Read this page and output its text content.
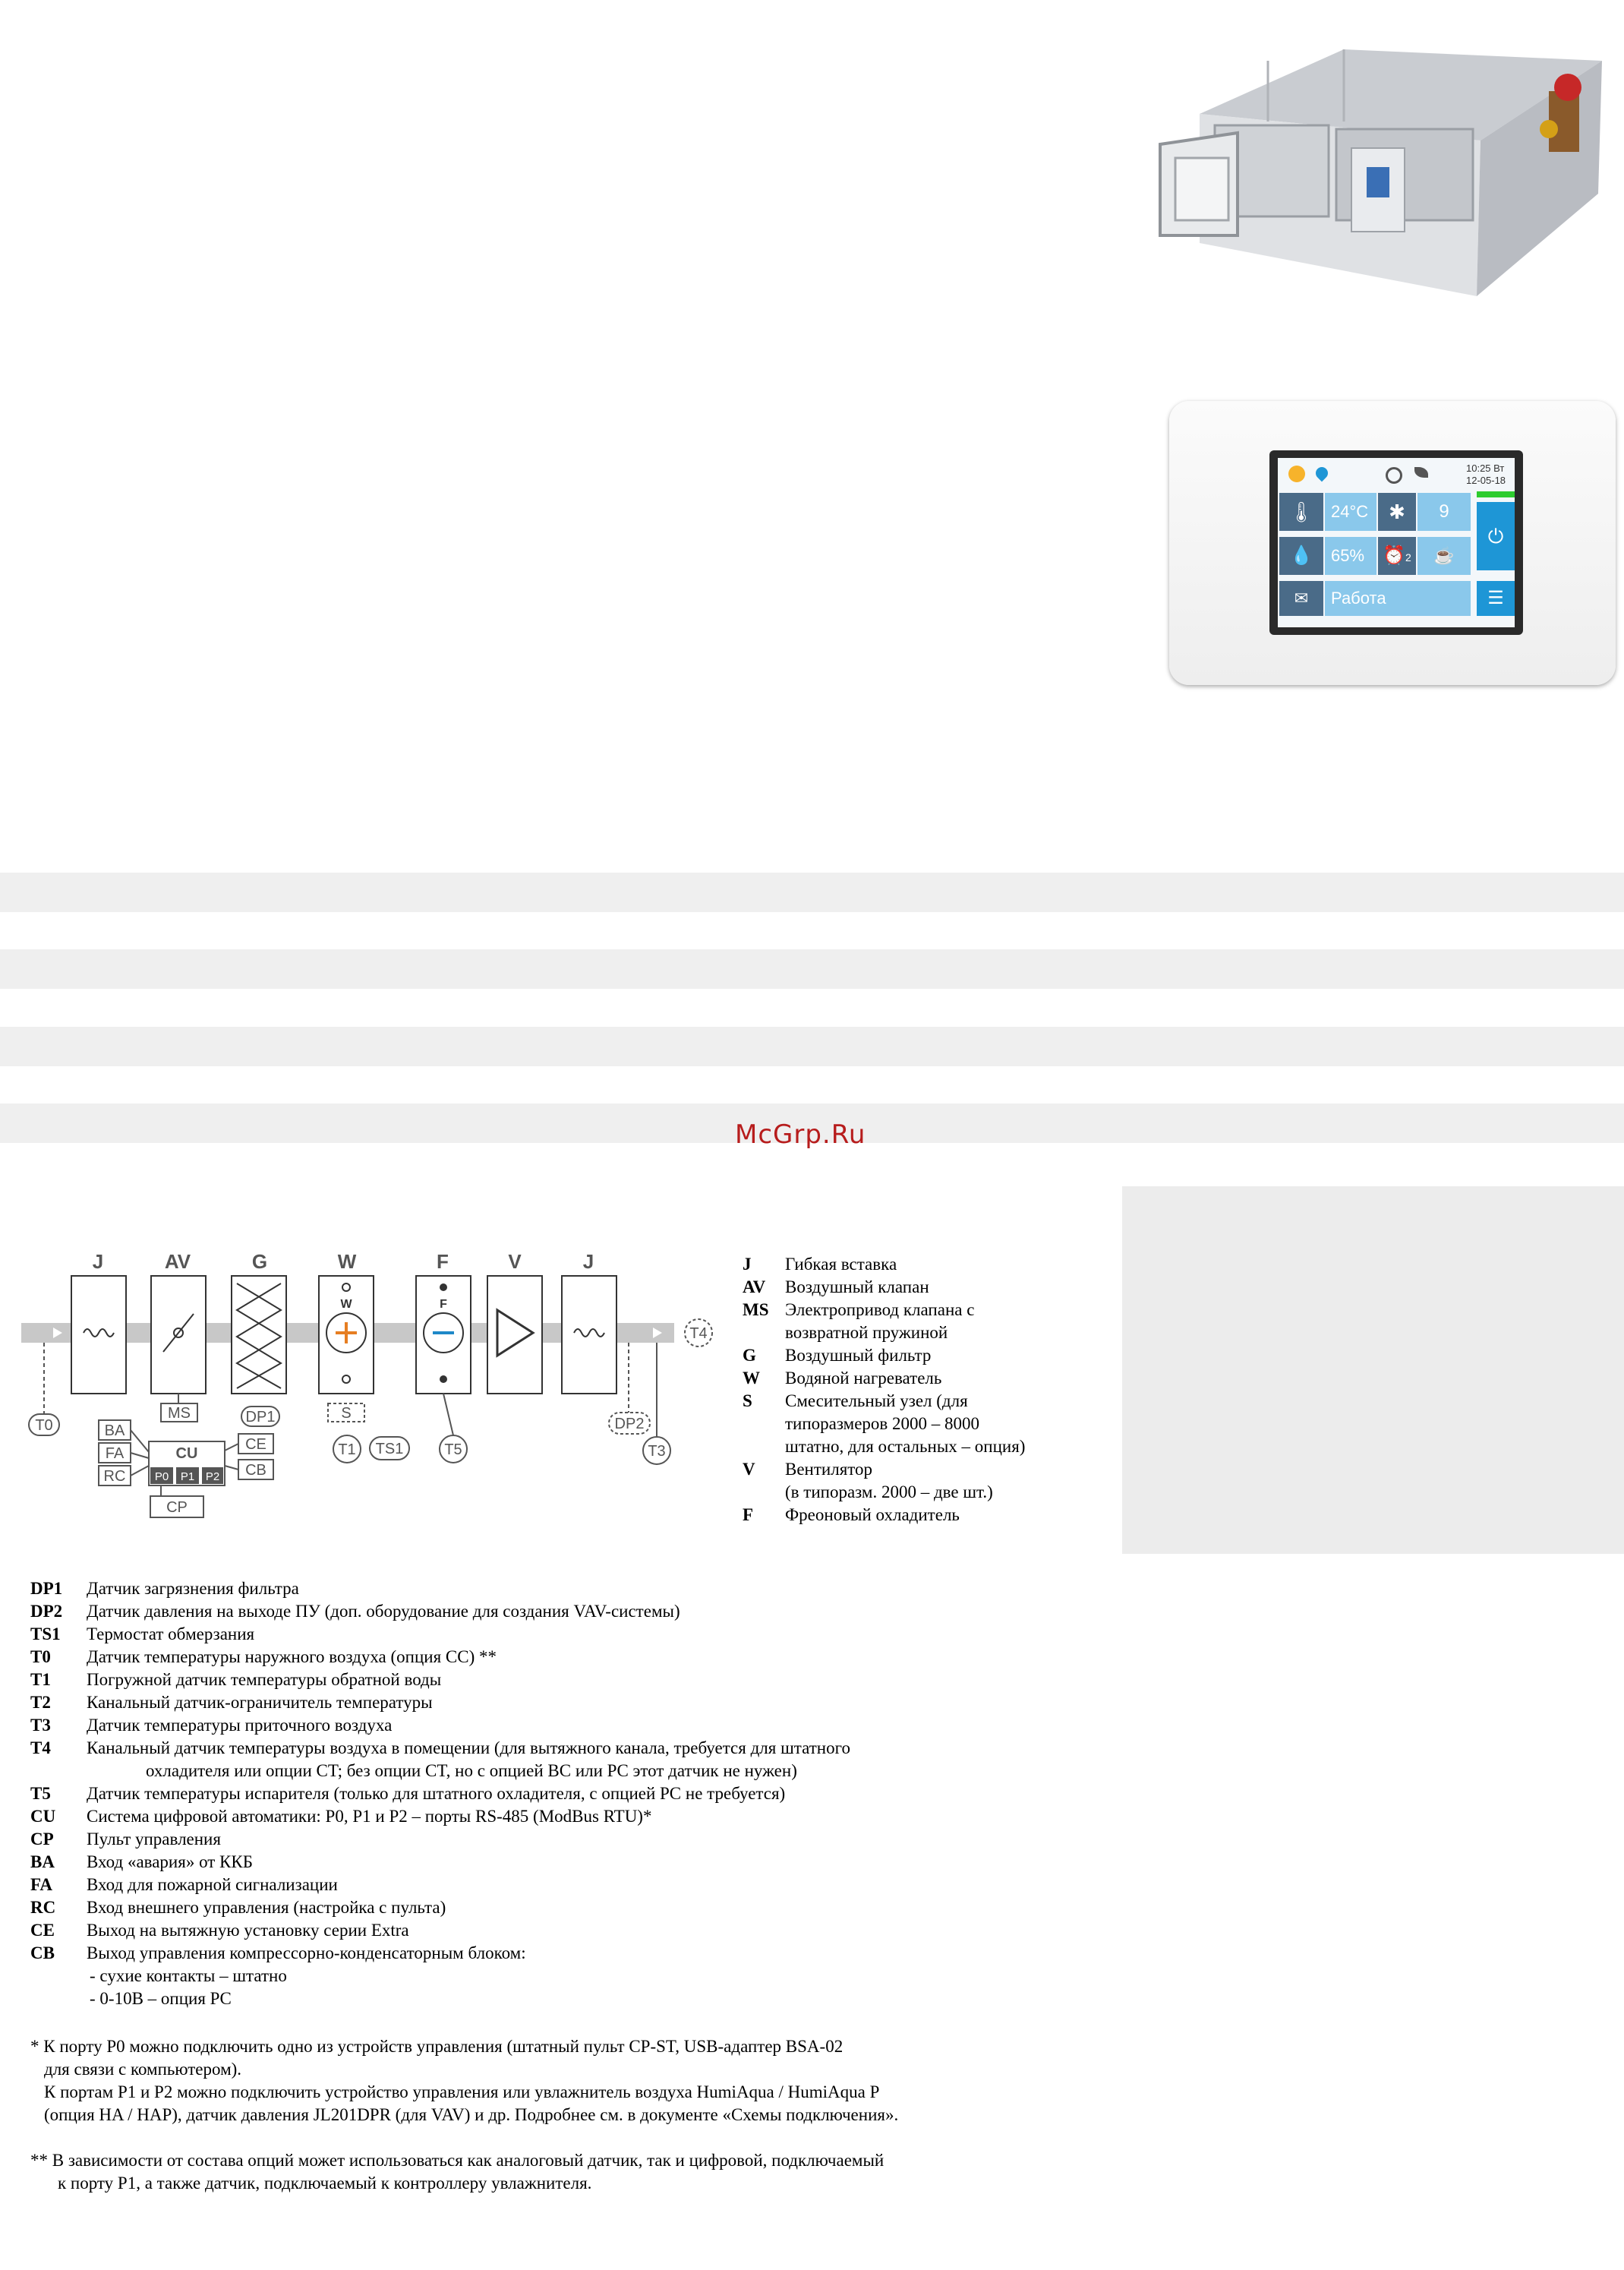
10:25 Вт
12-05-18
🌡	24°C	✱	9
⏻
💧	65%	⏰2	☕
✉	Работа	☰
McGrp.Ru
J	AV	G	W	F	V	J
W	F
MS	DP1	S
T0
T4
T1 TS1	T5
DP2
T3
BA
FA
RC
CU
P0 P1 P2
CE
CB
CP
J Гибкая вставка
AV Воздушный клапан
MS Электропривод клапана с
возвратной пружиной
G Воздушный фильтр
W Водяной нагреватель
S Смесительный узел (для
типоразмеров 2000 – 8000
штатно, для остальных – опция)
V Вентилятор
(в типоразм. 2000 – две шт.)
F Фреоновый охладитель
DP1 Датчик загрязнения фильтра
DP2 Датчик давления на выходе ПУ (доп. оборудование для создания VAV-системы)
TS1 Термостат обмерзания
T0 Датчик температуры наружного воздуха (опция CC) **
T1 Погружной датчик температуры обратной воды
T2 Канальный датчик-ограничитель температуры
T3 Датчик температуры приточного воздуха
T4 Канальный датчик температуры воздуха в помещении (для вытяжного канала, требуется для штатного
охладителя или опции CT; без опции CT, но с опцией BC или PC этот датчик не нужен)
T5 Датчик температуры испарителя (только для штатного охладителя, с опцией PC не требуется)
CU Система цифровой автоматики: P0, P1 и P2 – порты RS-485 (ModBus RTU)*
CP Пульт управления
BA Вход «авария» от ККБ
FA Вход для пожарной сигнализации
RC Вход внешнего управления (настройка с пульта)
CE Выход на вытяжную установку серии Extra
CB Выход управления компрессорно-конденсаторным блоком:
- сухие контакты – штатно
- 0-10В – опция PC
* К порту P0 можно подключить одно из устройств управления (штатный пульт CP-ST, USB-адаптер BSA-02
для связи с компьютером).
К портам P1 и P2 можно подключить устройство управления или увлажнитель воздуха HumiAqua / HumiAqua P
(опция HA / HAP), датчик давления JL201DPR (для VAV) и др. Подробнее см. в документе «Схемы подключения».
** В зависимости от состава опций может использоваться как аналоговый датчик, так и цифровой, подключаемый
к порту P1, а также датчик, подключаемый к контроллеру увлажнителя.
